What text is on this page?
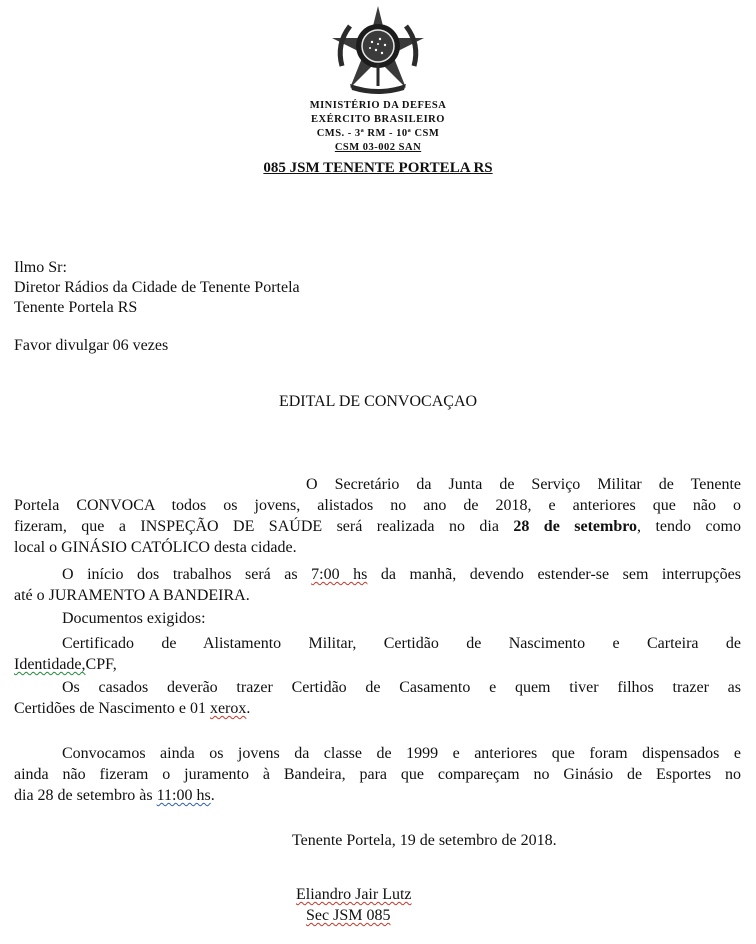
MINISTÉRIO DA DEFESA
EXÉRCITO BRASILEIRO
CMS. - 3ª RM - 10ª CSM
CSM 03-002 SAN
085 JSM TENENTE PORTELA RS
Ilmo Sr:
Diretor Rádios da Cidade de Tenente Portela
Tenente Portela RS
Favor divulgar 06 vezes
EDITAL DE CONVOCAÇAO
O Secretário da Junta de Serviço Militar de Tenente
Portela CONVOCA todos os jovens, alistados no ano de 2018, e anteriores que não o
fizeram, que a INSPEÇÃO DE SAÚDE será realizada no dia 28 de setembro, tendo como
local o GINÁSIO CATÓLICO desta cidade.
O início dos trabalhos será as 7:00 hs da manhã, devendo estender-se sem interrupções
até o JURAMENTO A BANDEIRA.
Documentos exigidos:
Certificado de Alistamento Militar, Certidão de Nascimento e Carteira de
Identidade,CPF,
Os casados deverão trazer Certidão de Casamento e quem tiver filhos trazer as
Certidões de Nascimento e 01 xerox.
Convocamos ainda os jovens da classe de 1999 e anteriores que foram dispensados e
ainda não fizeram o juramento à Bandeira, para que compareçam no Ginásio de Esportes no
dia 28 de setembro às 11:00 hs.
Tenente Portela, 19 de setembro de 2018.
Eliandro Jair Lutz
Sec JSM 085
